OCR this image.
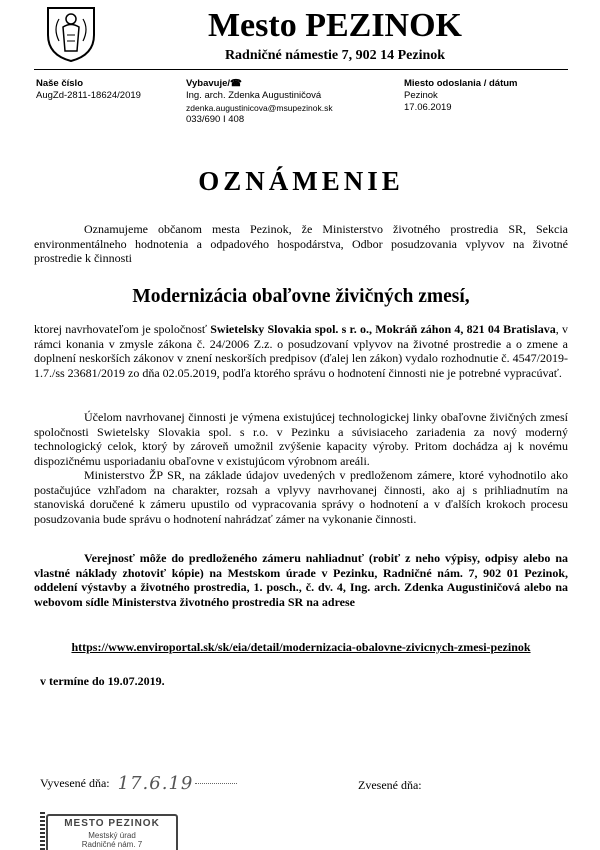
Mesto PEZINOK
Radničné námestie 7, 902 14 Pezinok
Naše číslo
AugZd-2811-18624/2019
Vybavuje/☎
Ing. arch. Zdenka Augustiničová
zdenka.augustinicova@msupezinok.sk
033/690 I 408
Miesto odoslania / dátum
Pezinok
17.06.2019
OZNÁMENIE
Oznamujeme občanom mesta Pezinok, že Ministerstvo životného prostredia SR, Sekcia environmentálneho hodnotenia a odpadového hospodárstva, Odbor posudzovania vplyvov na životné prostredie k činnosti
Modernizácia obaľovne živičných zmesí,
ktorej navrhovateľom je spoločnosť Swietelsky Slovakia spol. s r. o., Mokráň záhon 4, 821 04 Bratislava, v rámci konania v zmysle zákona č. 24/2006 Z.z. o posudzovaní vplyvov na životné prostredie a o zmene a doplnení neskorších zákonov v znení neskorších predpisov (ďalej len zákon) vydalo rozhodnutie č. 4547/2019-1.7./ss 23681/2019 zo dňa 02.05.2019, podľa ktorého správu o hodnotení činnosti nie je potrebné vypracúvať.
Účelom navrhovanej činnosti je výmena existujúcej technologickej linky obaľovne živičných zmesí spoločnosti Swietelsky Slovakia spol. s r.o. v Pezinku a súvisiaceho zariadenia za nový moderný technologický celok, ktorý by zároveň umožnil zvýšenie kapacity výroby. Pritom dochádza aj k novému dispozičnému usporiadaniu obaľovne v existujúcom výrobnom areáli.
Ministerstvo ŽP SR, na základe údajov uvedených v predloženom zámere, ktoré vyhodnotilo ako postačujúce vzhľadom na charakter, rozsah a vplyvy navrhovanej činnosti, ako aj s prihliadnutím na stanoviská doručené k zámeru upustilo od vypracovania správy o hodnotení a v ďalších krokoch procesu posudzovania bude správu o hodnotení nahrádzať zámer na vykonanie činnosti.
Verejnosť môže do predloženého zámeru nahliadnuť (robiť z neho výpisy, odpisy alebo na vlastné náklady zhotoviť kópie) na Mestskom úrade v Pezinku, Radničné nám. 7, 902 01 Pezinok, oddelení výstavby a životného prostredia, 1. posch., č. dv. 4, Ing. arch. Zdenka Augustiničová alebo na webovom sídle Ministerstva životného prostredia SR na adrese
https://www.enviroportal.sk/sk/eia/detail/modernizacia-obalovne-zivicnych-zmesi-pezinok
v termíne do 19.07.2019.
Vyvesené dňa: 17.6.19	Zvesené dňa:
MESTO PEZINOK
Mestský úrad
Radničné nám. 7
